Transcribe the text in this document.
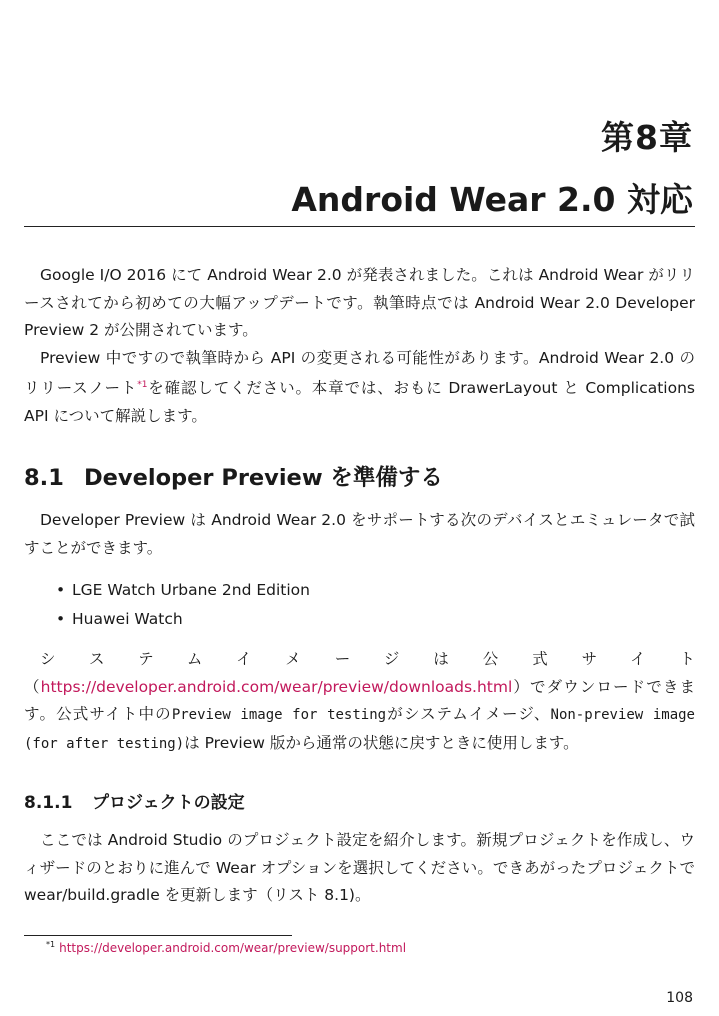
第8章
Android Wear 2.0 対応

Google I/O 2016 にて Android Wear 2.0 が発表されました。これは Android Wear がリリースされてから初めての大幅アップデートです。執筆時点では Android Wear 2.0 Developer Preview 2 が公開されています。

Preview 中ですので執筆時から API の変更される可能性があります。Android Wear 2.0 のリリースノート$^{*1}$を確認してください。本章では、おもに DrawerLayout と Complications API について解説します。

8.1 Developer Preview を準備する

Developer Preview は Android Wear 2.0 をサポートする次のデバイスとエミュレータで試すことができます。

• LGE Watch Urbane 2nd Edition
• Huawei Watch

システムイメージは公式サイト（https://developer.android.com/wear/preview/downloads.html）でダウンロードできます。公式サイト中のPreview image for testingがシステムイメージ、Non-preview image (for after testing)は Preview 版から通常の状態に戻すときに使用します。

8.1.1 プロジェクトの設定

ここでは Android Studio のプロジェクト設定を紹介します。新規プロジェクトを作成し、ウィザードのとおりに進んで Wear オプションを選択してください。できあがったプロジェクトで wear/build.gradle を更新します（リスト 8.1)。

$^{*1}$ https://developer.android.com/wear/preview/support.html

108
